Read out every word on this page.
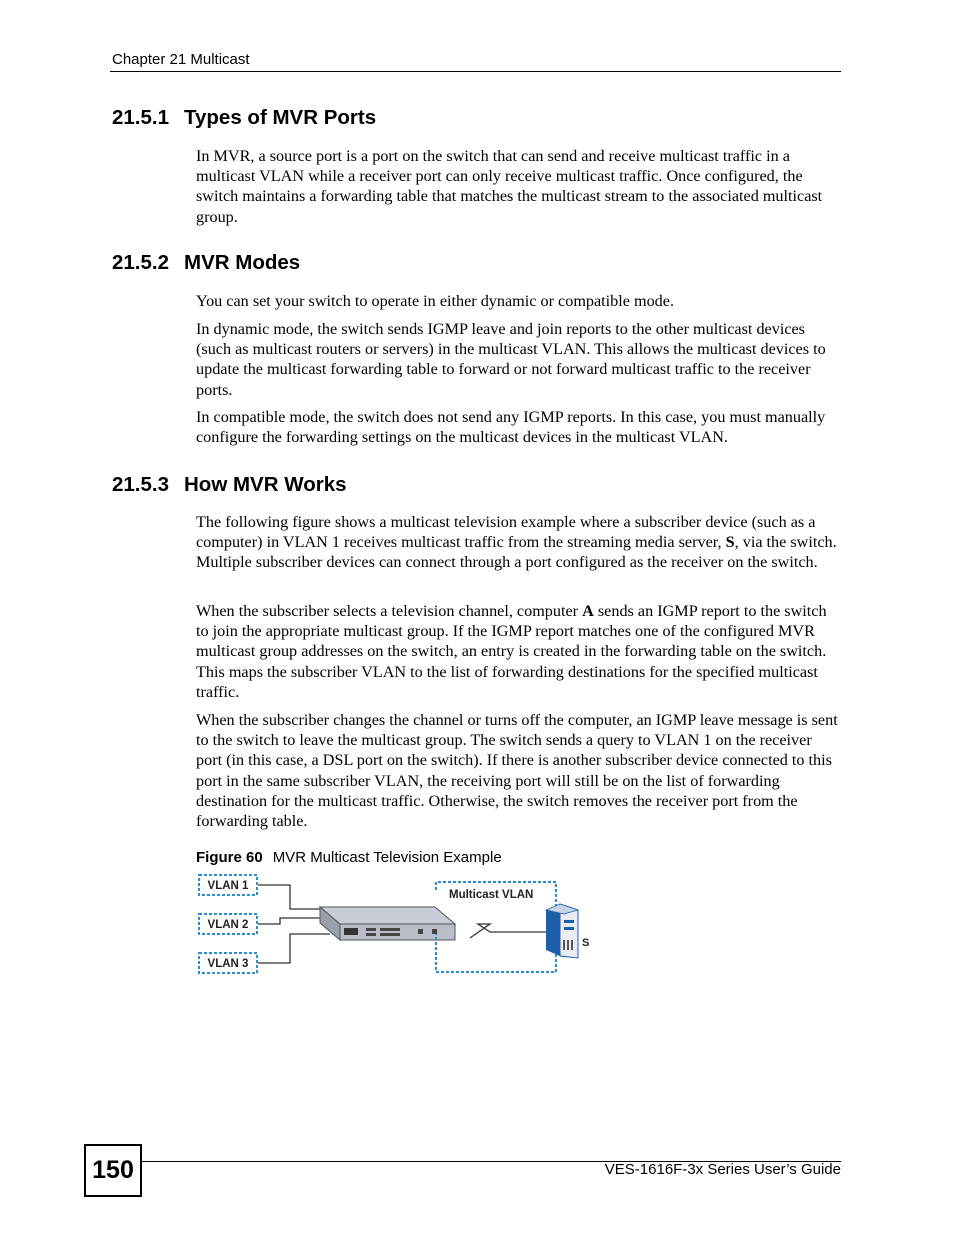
Chapter 21 Multicast
21.5.1 Types of MVR Ports

In MVR, a source port is a port on the switch that can send and receive multicast traffic in a multicast VLAN while a receiver port can only receive multicast traffic. Once configured, the switch maintains a forwarding table that matches the multicast stream to the associated multicast group.

21.5.2 MVR Modes

You can set your switch to operate in either dynamic or compatible mode.

In dynamic mode, the switch sends IGMP leave and join reports to the other multicast devices (such as multicast routers or servers) in the multicast VLAN. This allows the multicast devices to update the multicast forwarding table to forward or not forward multicast traffic to the receiver ports.

In compatible mode, the switch does not send any IGMP reports. In this case, you must manually configure the forwarding settings on the multicast devices in the multicast VLAN.

21.5.3 How MVR Works

The following figure shows a multicast television example where a subscriber device (such as a computer) in VLAN 1 receives multicast traffic from the streaming media server, S, via the switch. Multiple subscriber devices can connect through a port configured as the receiver on the switch.

When the subscriber selects a television channel, computer A sends an IGMP report to the switch to join the appropriate multicast group. If the IGMP report matches one of the configured MVR multicast group addresses on the switch, an entry is created in the forwarding table on the switch. This maps the subscriber VLAN to the list of forwarding destinations for the specified multicast traffic.

When the subscriber changes the channel or turns off the computer, an IGMP leave message is sent to the switch to leave the multicast group. The switch sends a query to VLAN 1 on the receiver port (in this case, a DSL port on the switch). If there is another subscriber device connected to this port in the same subscriber VLAN, the receiving port will still be on the list of forwarding destination for the multicast traffic. Otherwise, the switch removes the receiver port from the forwarding table.

Figure 60 MVR Multicast Television Example
VLAN 1
VLAN 2
VLAN 3
Multicast VLAN
S
150	VES-1616F-3x Series User’s Guide
